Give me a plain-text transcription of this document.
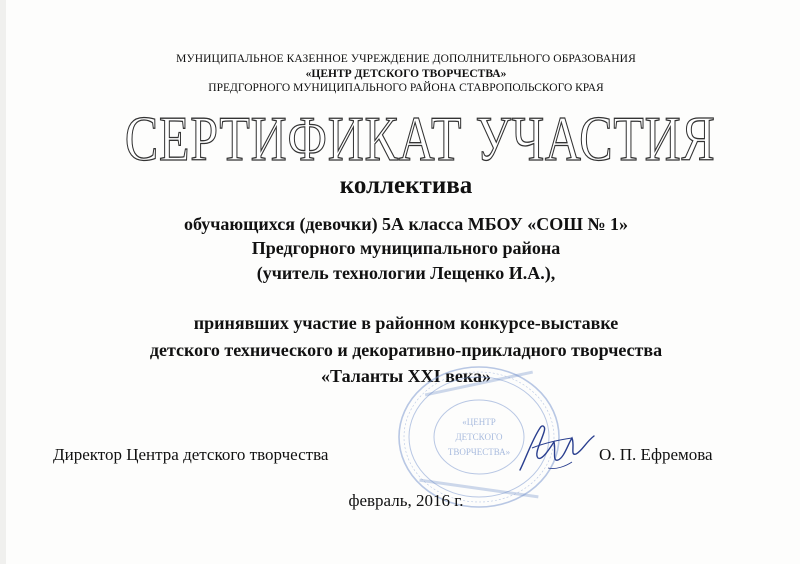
МУНИЦИПАЛЬНОЕ КАЗЕННОЕ УЧРЕЖДЕНИЕ ДОПОЛНИТЕЛЬНОГО ОБРАЗОВАНИЯ
«ЦЕНТР ДЕТСКОГО ТВОРЧЕСТВА»
ПРЕДГОРНОГО МУНИЦИПАЛЬНОГО РАЙОНА СТАВРОПОЛЬСКОГО КРАЯ
СЕРТИФИКАТ УЧАСТИЯ
коллектива
обучающихся (девочки) 5А класса МБОУ «СОШ № 1»
Предгорного муниципального района
(учитель технологии Лещенко И.А.),
принявших участие в районном конкурсе-выставке
детского технического и декоративно-прикладного творчества
«Таланты XXI века»
«ЦЕНТР
ДЕТСКОГО
ТВОРЧЕСТВА»
Директор Центра детского творчества	О. П. Ефремова
февраль, 2016 г.
